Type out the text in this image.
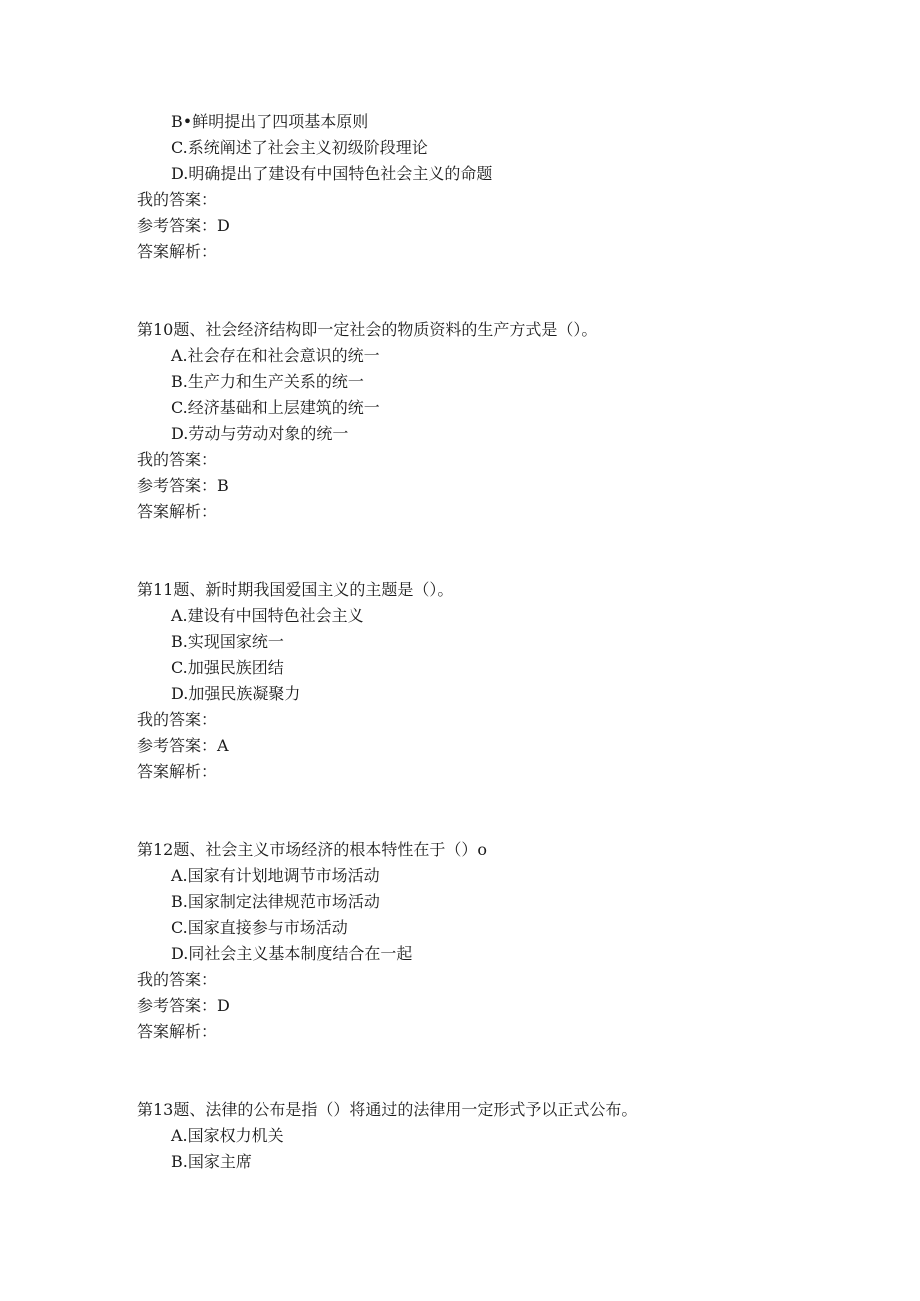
B•鲜明提出了四项基本原则
C.系统阐述了社会主义初级阶段理论
D.明确提出了建设有中国特色社会主义的命题
我的答案：
参考答案：D
答案解析：
第10题、社会经济结构即一定社会的物质资料的生产方式是（）。
A.社会存在和社会意识的统一
B.生产力和生产关系的统一
C.经济基础和上层建筑的统一
D.劳动与劳动对象的统一
我的答案：
参考答案：B
答案解析：
第11题、新时期我国爱国主义的主题是（）。
A.建设有中国特色社会主义
B.实现国家统一
C.加强民族团结
D.加强民族凝聚力
我的答案：
参考答案：A
答案解析：
第12题、社会主义市场经济的根本特性在于（）o
A.国家有计划地调节市场活动
B.国家制定法律规范市场活动
C.国家直接参与市场活动
D.同社会主义基本制度结合在一起
我的答案：
参考答案：D
答案解析：
第13题、法律的公布是指（）将通过的法律用一定形式予以正式公布。
A.国家权力机关
B.国家主席
